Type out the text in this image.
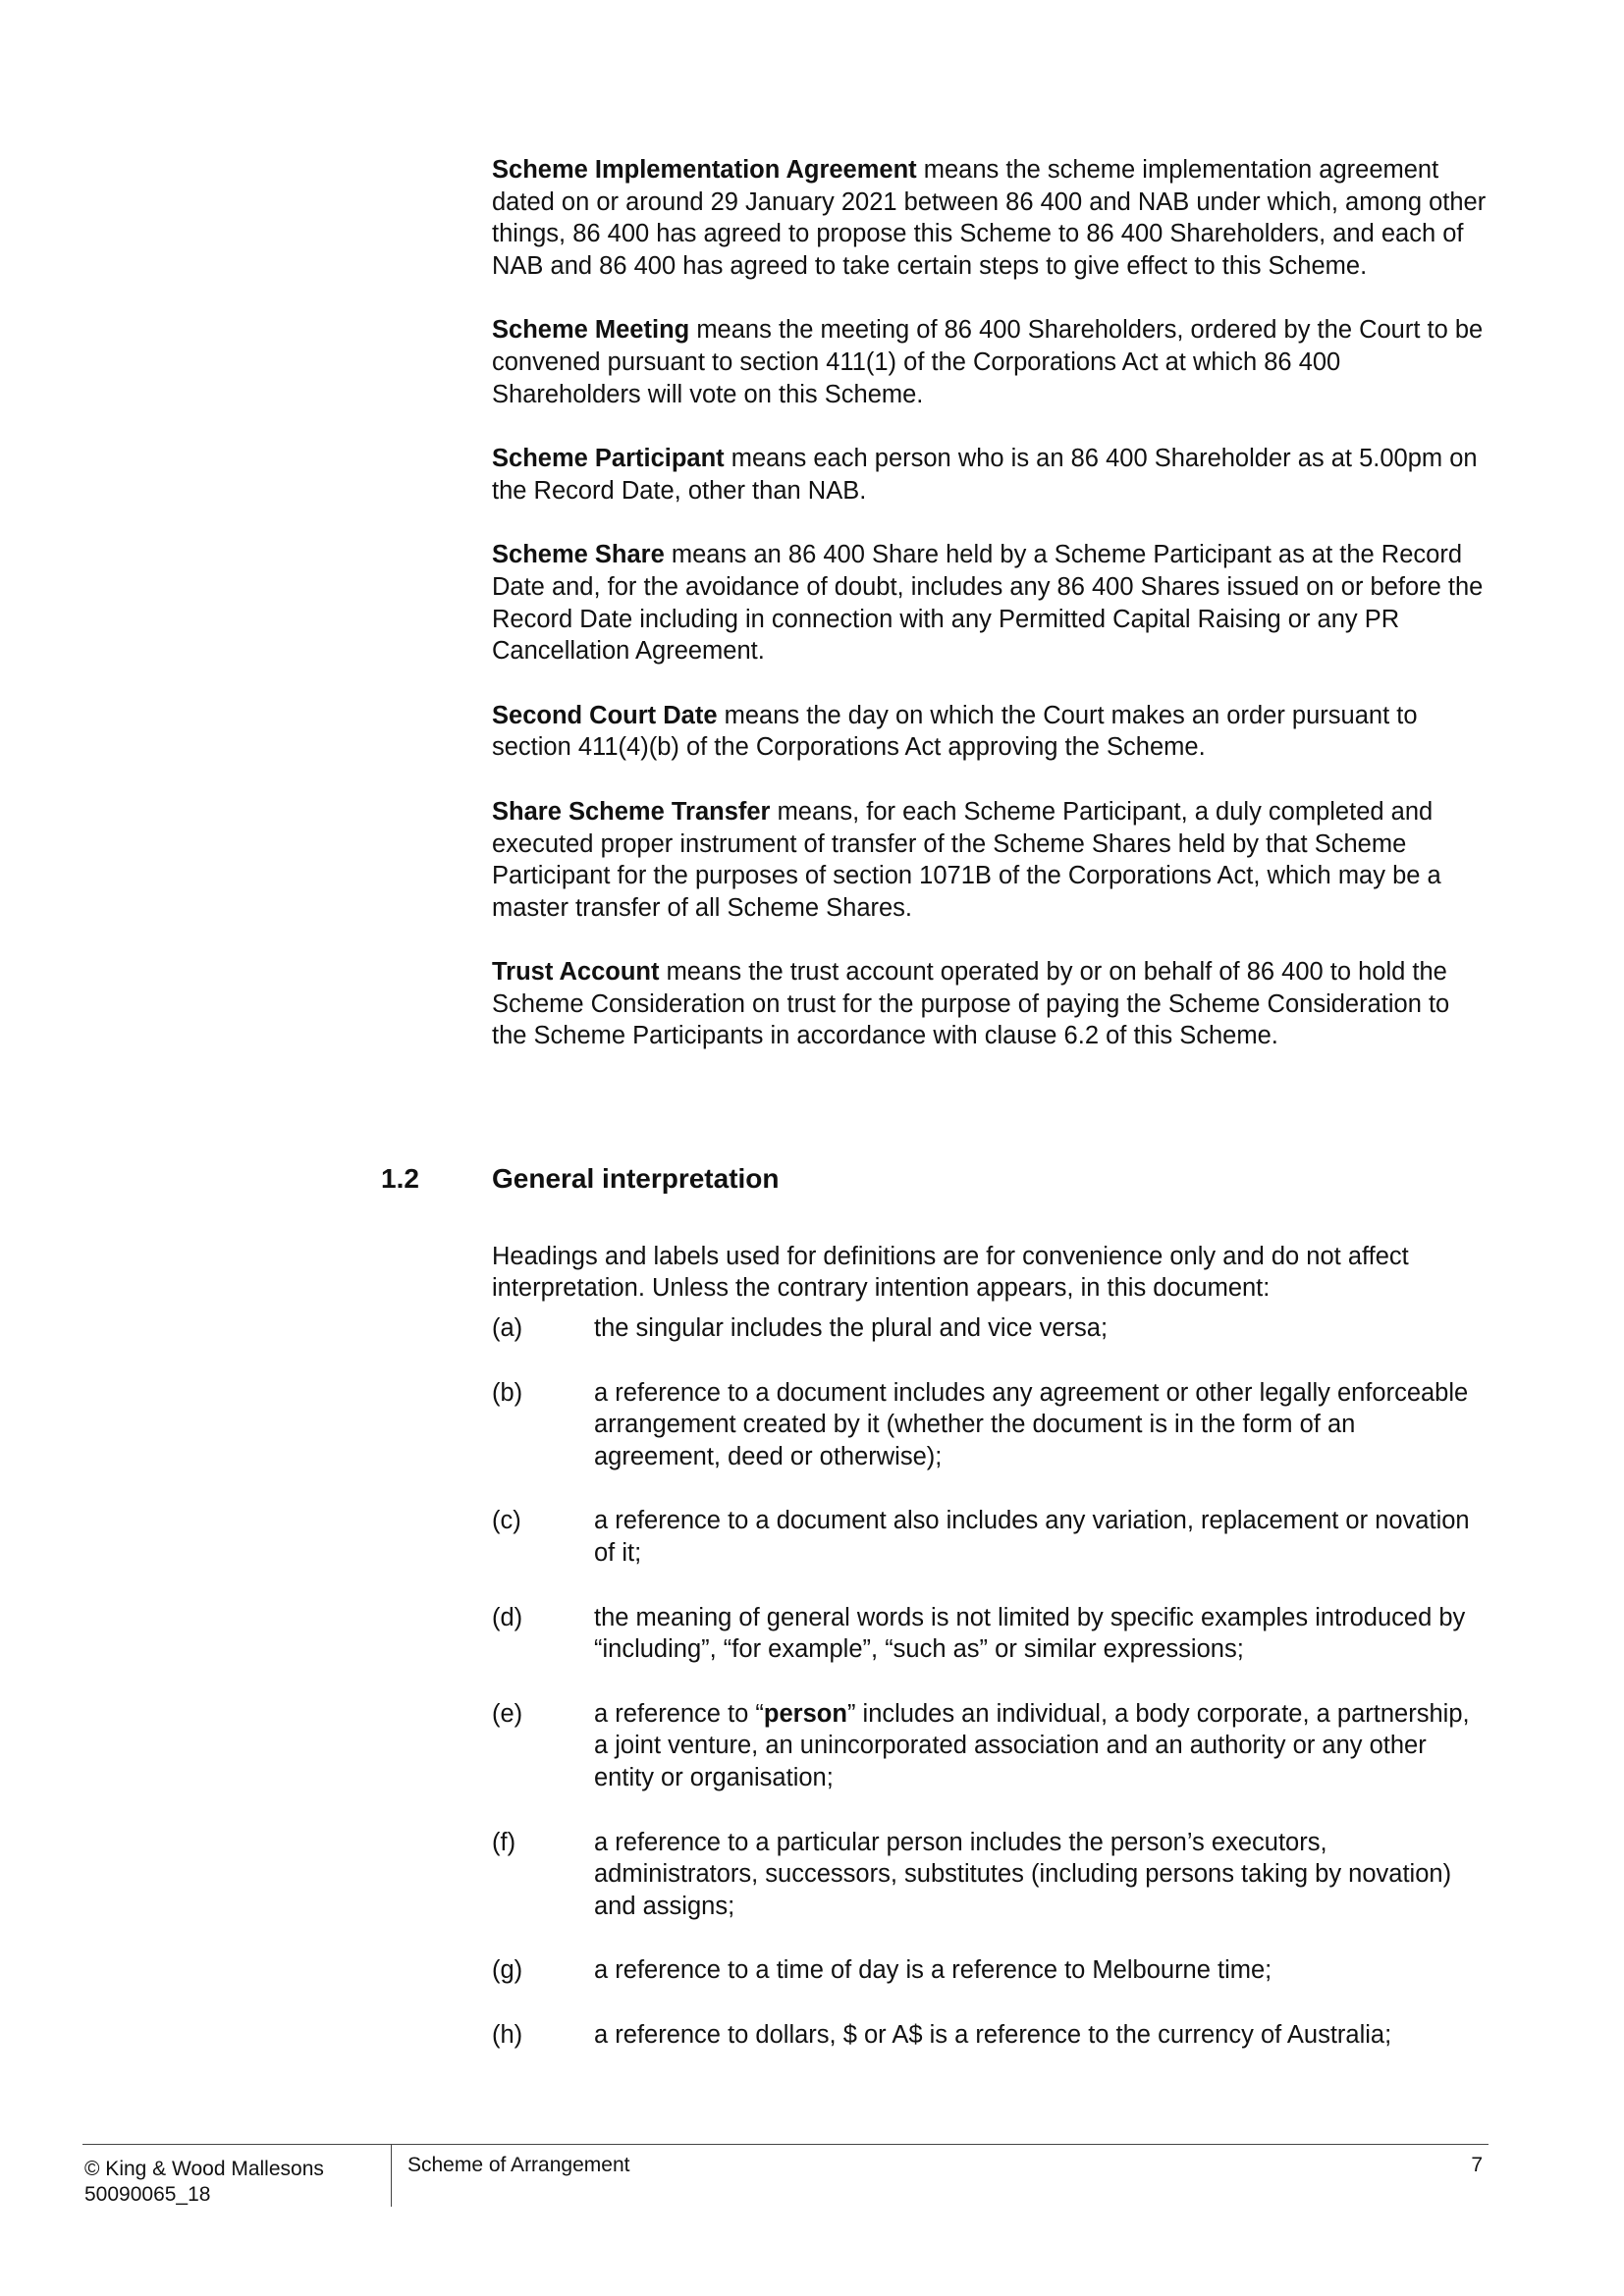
Scheme Implementation Agreement means the scheme implementation agreement dated on or around 29 January 2021 between 86 400 and NAB under which, among other things, 86 400 has agreed to propose this Scheme to 86 400 Shareholders, and each of NAB and 86 400 has agreed to take certain steps to give effect to this Scheme.

Scheme Meeting means the meeting of 86 400 Shareholders, ordered by the Court to be convened pursuant to section 411(1) of the Corporations Act at which 86 400 Shareholders will vote on this Scheme.

Scheme Participant means each person who is an 86 400 Shareholder as at 5.00pm on the Record Date, other than NAB.

Scheme Share means an 86 400 Share held by a Scheme Participant as at the Record Date and, for the avoidance of doubt, includes any 86 400 Shares issued on or before the Record Date including in connection with any Permitted Capital Raising or any PR Cancellation Agreement.

Second Court Date means the day on which the Court makes an order pursuant to section 411(4)(b) of the Corporations Act approving the Scheme.

Share Scheme Transfer means, for each Scheme Participant, a duly completed and executed proper instrument of transfer of the Scheme Shares held by that Scheme Participant for the purposes of section 1071B of the Corporations Act, which may be a master transfer of all Scheme Shares.

Trust Account means the trust account operated by or on behalf of 86 400 to hold the Scheme Consideration on trust for the purpose of paying the Scheme Consideration to the Scheme Participants in accordance with clause 6.2 of this Scheme.

1.2	General interpretation

Headings and labels used for definitions are for convenience only and do not affect interpretation. Unless the contrary intention appears, in this document:

(a)	the singular includes the plural and vice versa;
(b)	a reference to a document includes any agreement or other legally enforceable arrangement created by it (whether the document is in the form of an agreement, deed or otherwise);
(c)	a reference to a document also includes any variation, replacement or novation of it;
(d)	the meaning of general words is not limited by specific examples introduced by “including”, “for example”, “such as” or similar expressions;
(e)	a reference to “person” includes an individual, a body corporate, a partnership, a joint venture, an unincorporated association and an authority or any other entity or organisation;
(f)	a reference to a particular person includes the person’s executors, administrators, successors, substitutes (including persons taking by novation) and assigns;
(g)	a reference to a time of day is a reference to Melbourne time;
(h)	a reference to dollars, $ or A$ is a reference to the currency of Australia;
© King & Wood Mallesons
50090065_18
Scheme of Arrangement	7
